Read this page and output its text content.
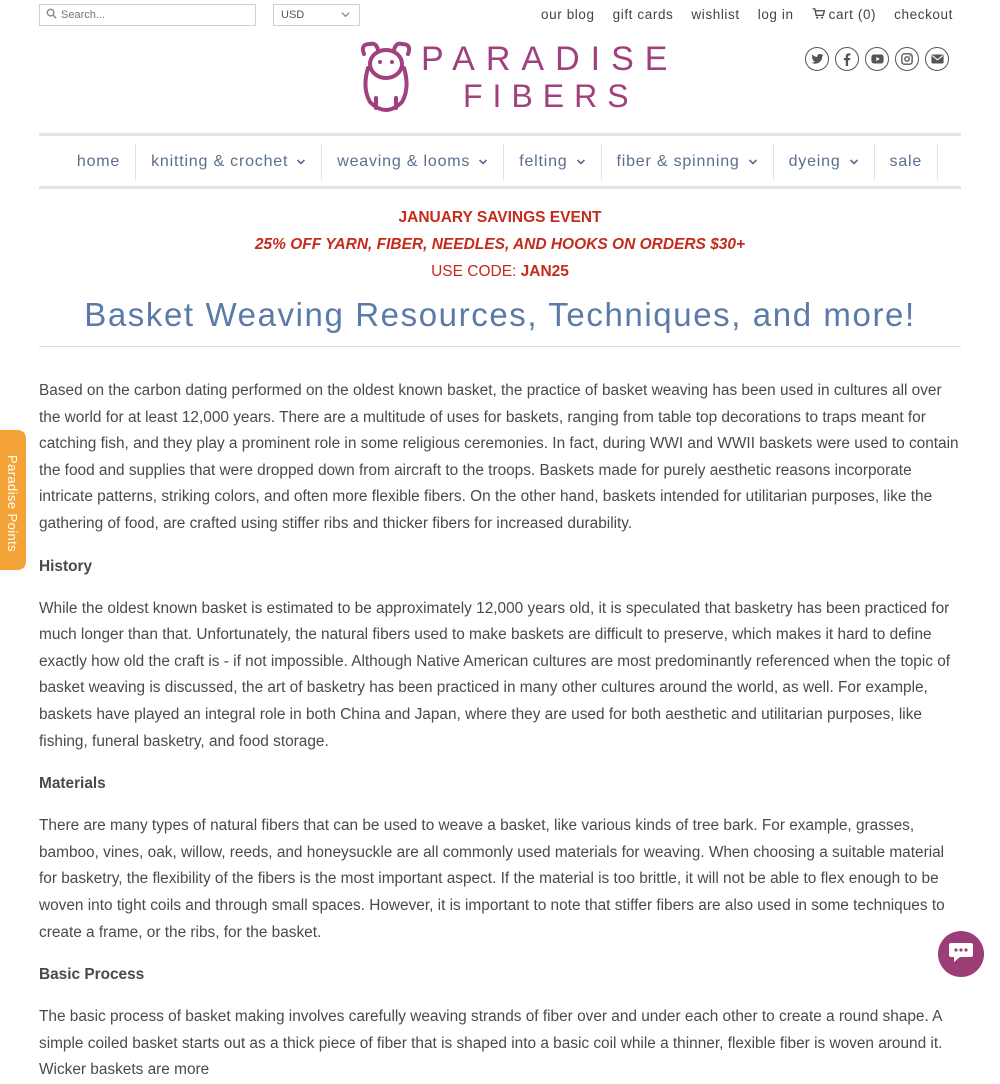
Search...
USD	our blog gift cards wishlist log in	cart (0) checkout
PARADISE
FIBERS
home knitting & crochet	weaving & looms	felting	fiber & spinning	dyeing	sale
JANUARY SAVINGS EVENT
25% OFF YARN, FIBER, NEEDLES, AND HOOKS ON ORDERS $30+
USE CODE: JAN25
Basket Weaving Resources, Techniques, and more!

Based on the carbon dating performed on the oldest known basket, the practice of basket weaving has been used in cultures all over the world for at least 12,000 years. There are a multitude of uses for baskets, ranging from table top decorations to traps meant for catching fish, and they play a prominent role in some religious ceremonies. In fact, during WWI and WWII baskets were used to contain the food and supplies that were dropped down from aircraft to the troops. Baskets made for purely aesthetic reasons incorporate intricate patterns, striking colors, and often more flexible fibers. On the other hand, baskets intended for utilitarian purposes, like the gathering of food, are crafted using stiffer ribs and thicker fibers for increased durability.

History

While the oldest known basket is estimated to be approximately 12,000 years old, it is speculated that basketry has been practiced for much longer than that. Unfortunately, the natural fibers used to make baskets are difficult to preserve, which makes it hard to define exactly how old the craft is - if not impossible. Although Native American cultures are most predominantly referenced when the topic of basket weaving is discussed, the art of basketry has been practiced in many other cultures around the world, as well. For example, baskets have played an integral role in both China and Japan, where they are used for both aesthetic and utilitarian purposes, like fishing, funeral basketry, and food storage.

Materials

There are many types of natural fibers that can be used to weave a basket, like various kinds of tree bark. For example, grasses, bamboo, vines, oak, willow, reeds, and honeysuckle are all commonly used materials for weaving. When choosing a suitable material for basketry, the flexibility of the fibers is the most important aspect. If the material is too brittle, it will not be able to flex enough to be woven into tight coils and through small spaces. However, it is important to note that stiffer fibers are also used in some techniques to create a frame, or the ribs, for the basket.

Basic Process

The basic process of basket making involves carefully weaving strands of fiber over and under each other to create a round shape. A simple coiled basket starts out as a thick piece of fiber that is shaped into a basic coil while a thinner, flexible fiber is woven around it. Wicker baskets are more

Paradise Points
